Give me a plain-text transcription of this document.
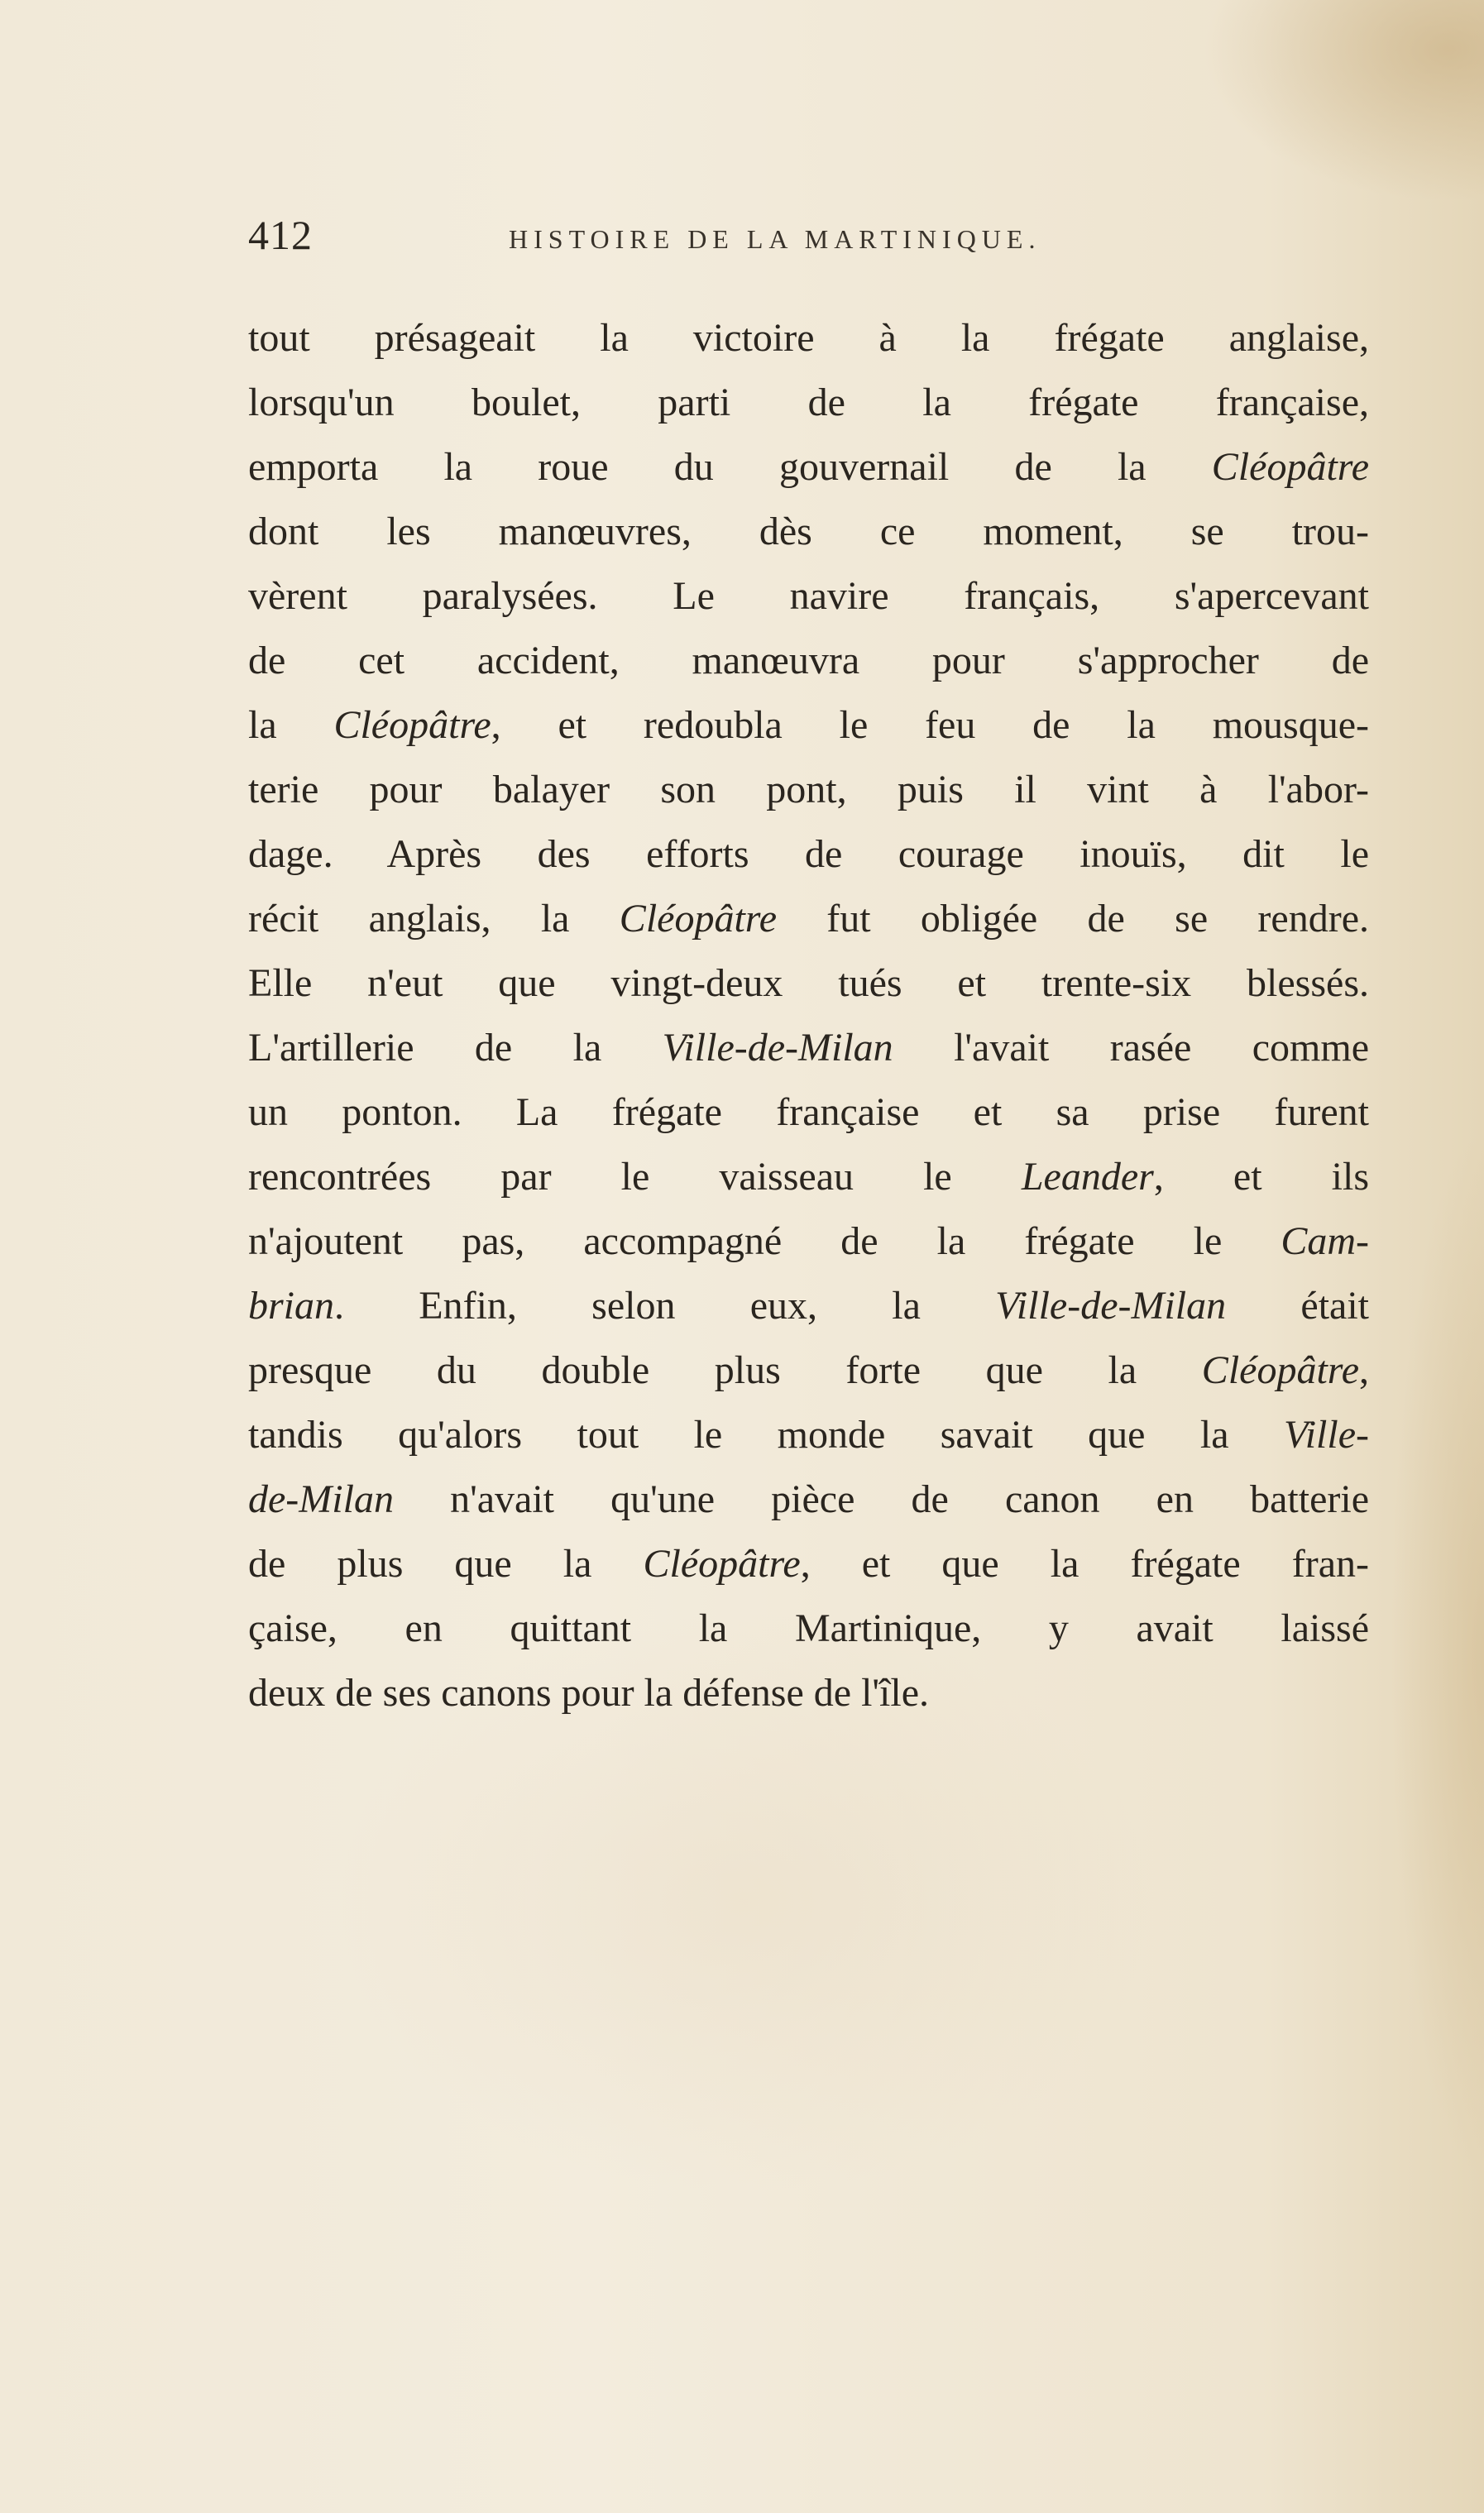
412	HISTOIRE DE LA MARTINIQUE.
tout présageait la victoire à la frégate anglaise,
lorsqu'un boulet, parti de la frégate française,
emporta la roue du gouvernail de la Cléopâtre
dont les manœuvres, dès ce moment, se trou-
vèrent paralysées. Le navire français, s'apercevant
de cet accident, manœuvra pour s'approcher de
la Cléopâtre, et redoubla le feu de la mousque-
terie pour balayer son pont, puis il vint à l'abor-
dage. Après des efforts de courage inouïs, dit le
récit anglais, la Cléopâtre fut obligée de se rendre.
Elle n'eut que vingt-deux tués et trente-six blessés.
L'artillerie de la Ville-de-Milan l'avait rasée comme
un ponton. La frégate française et sa prise furent
rencontrées par le vaisseau le Leander, et ils
n'ajoutent pas, accompagné de la frégate le Cam-
brian. Enfin, selon eux, la Ville-de-Milan était
presque du double plus forte que la Cléopâtre,
tandis qu'alors tout le monde savait que la Ville-
de-Milan n'avait qu'une pièce de canon en batterie
de plus que la Cléopâtre, et que la frégate fran-
çaise, en quittant la Martinique, y avait laissé
deux de ses canons pour la défense de l'île.
